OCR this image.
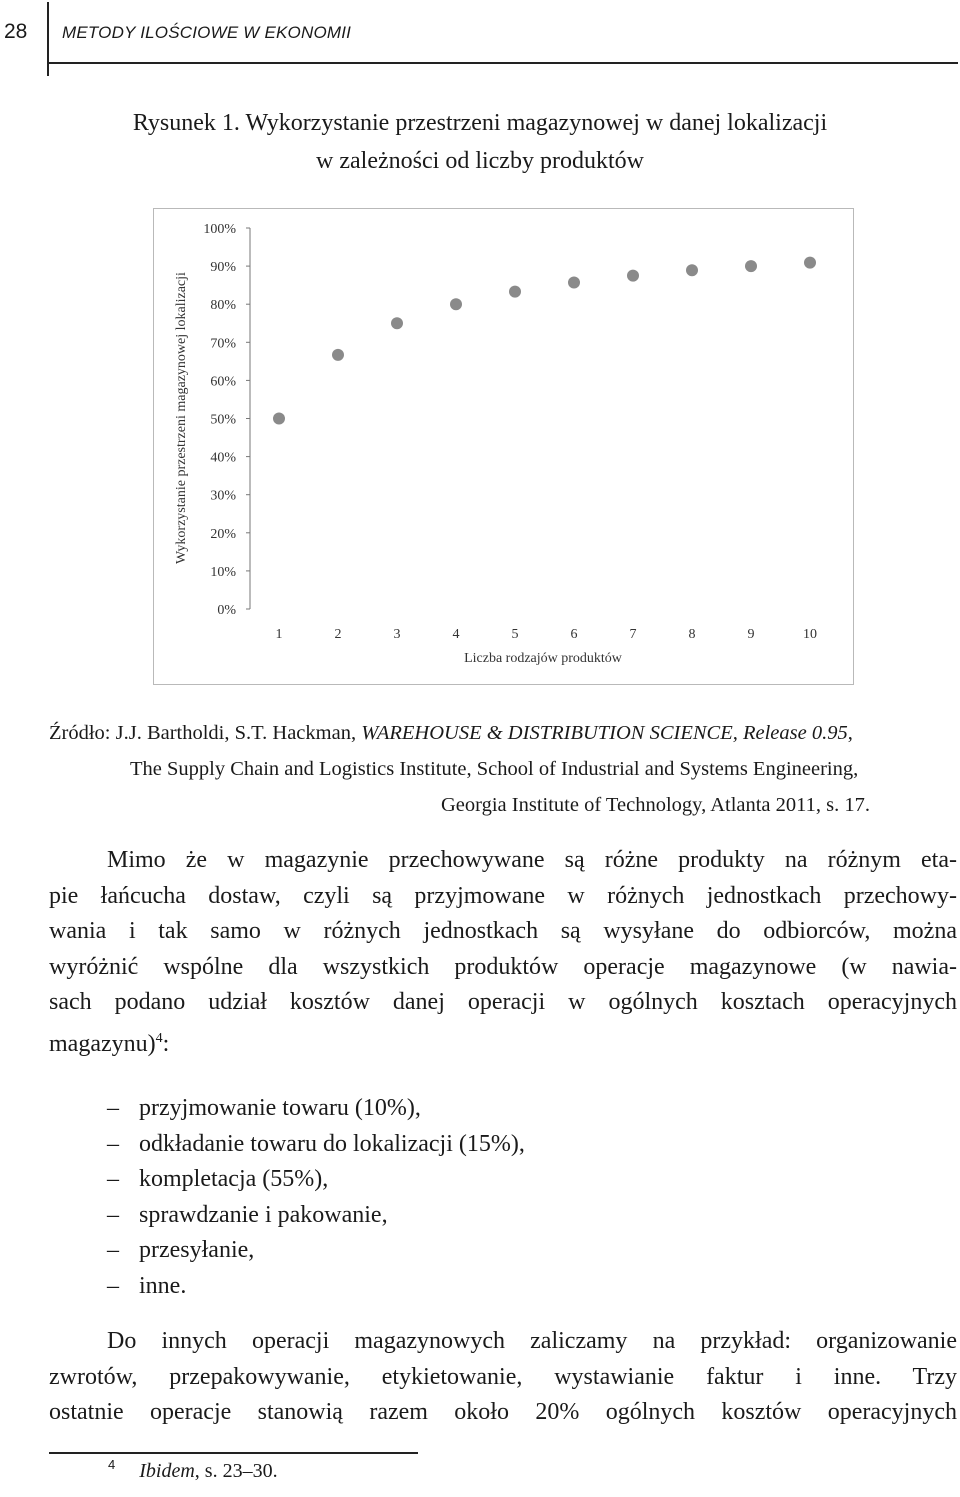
28	METODY ILOŚCIOWE W EKONOMII
Rysunek 1. Wykorzystanie przestrzeni magazynowej w danej lokalizacji
w zależności od liczby produktów
0%
10%
20%
30%
40%
50%
60%
70%
80%
90%
100%
1	2	3	4	5	6	7	8	9	10
Wykorzystanie przestrzeni magazynowej lokalizacji
Liczba rodzajów produktów
Źródło: J.J. Bartholdi, S.T. Hackman, WAREHOUSE & DISTRIBUTION SCIENCE, Release 0.95,
The Supply Chain and Logistics Institute, School of Industrial and Systems Engineering,
Georgia Institute of Technology, Atlanta 2011, s. 17.
Mimo że w magazynie przechowywane są różne produkty na różnym eta-
pie łańcucha dostaw, czyli są przyjmowane w różnych jednostkach przechowy-
wania i tak samo w różnych jednostkach są wysyłane do odbiorców, można
wyróżnić wspólne dla wszystkich produktów operacje magazynowe (w nawia-
sach podano udział kosztów danej operacji w ogólnych kosztach operacyjnych
magazynu)$^4$:
– przyjmowanie towaru (10%),
– odkładanie towaru do lokalizacji (15%),
– kompletacja (55%),
– sprawdzanie i pakowanie,
– przesyłanie,
– inne.
Do innych operacji magazynowych zaliczamy na przykład: organizowanie
zwrotów, przepakowywanie, etykietowanie, wystawianie faktur i inne. Trzy
ostatnie operacje stanowią razem około 20% ogólnych kosztów operacyjnych
$^4$ Ibidem, s. 23–30.
